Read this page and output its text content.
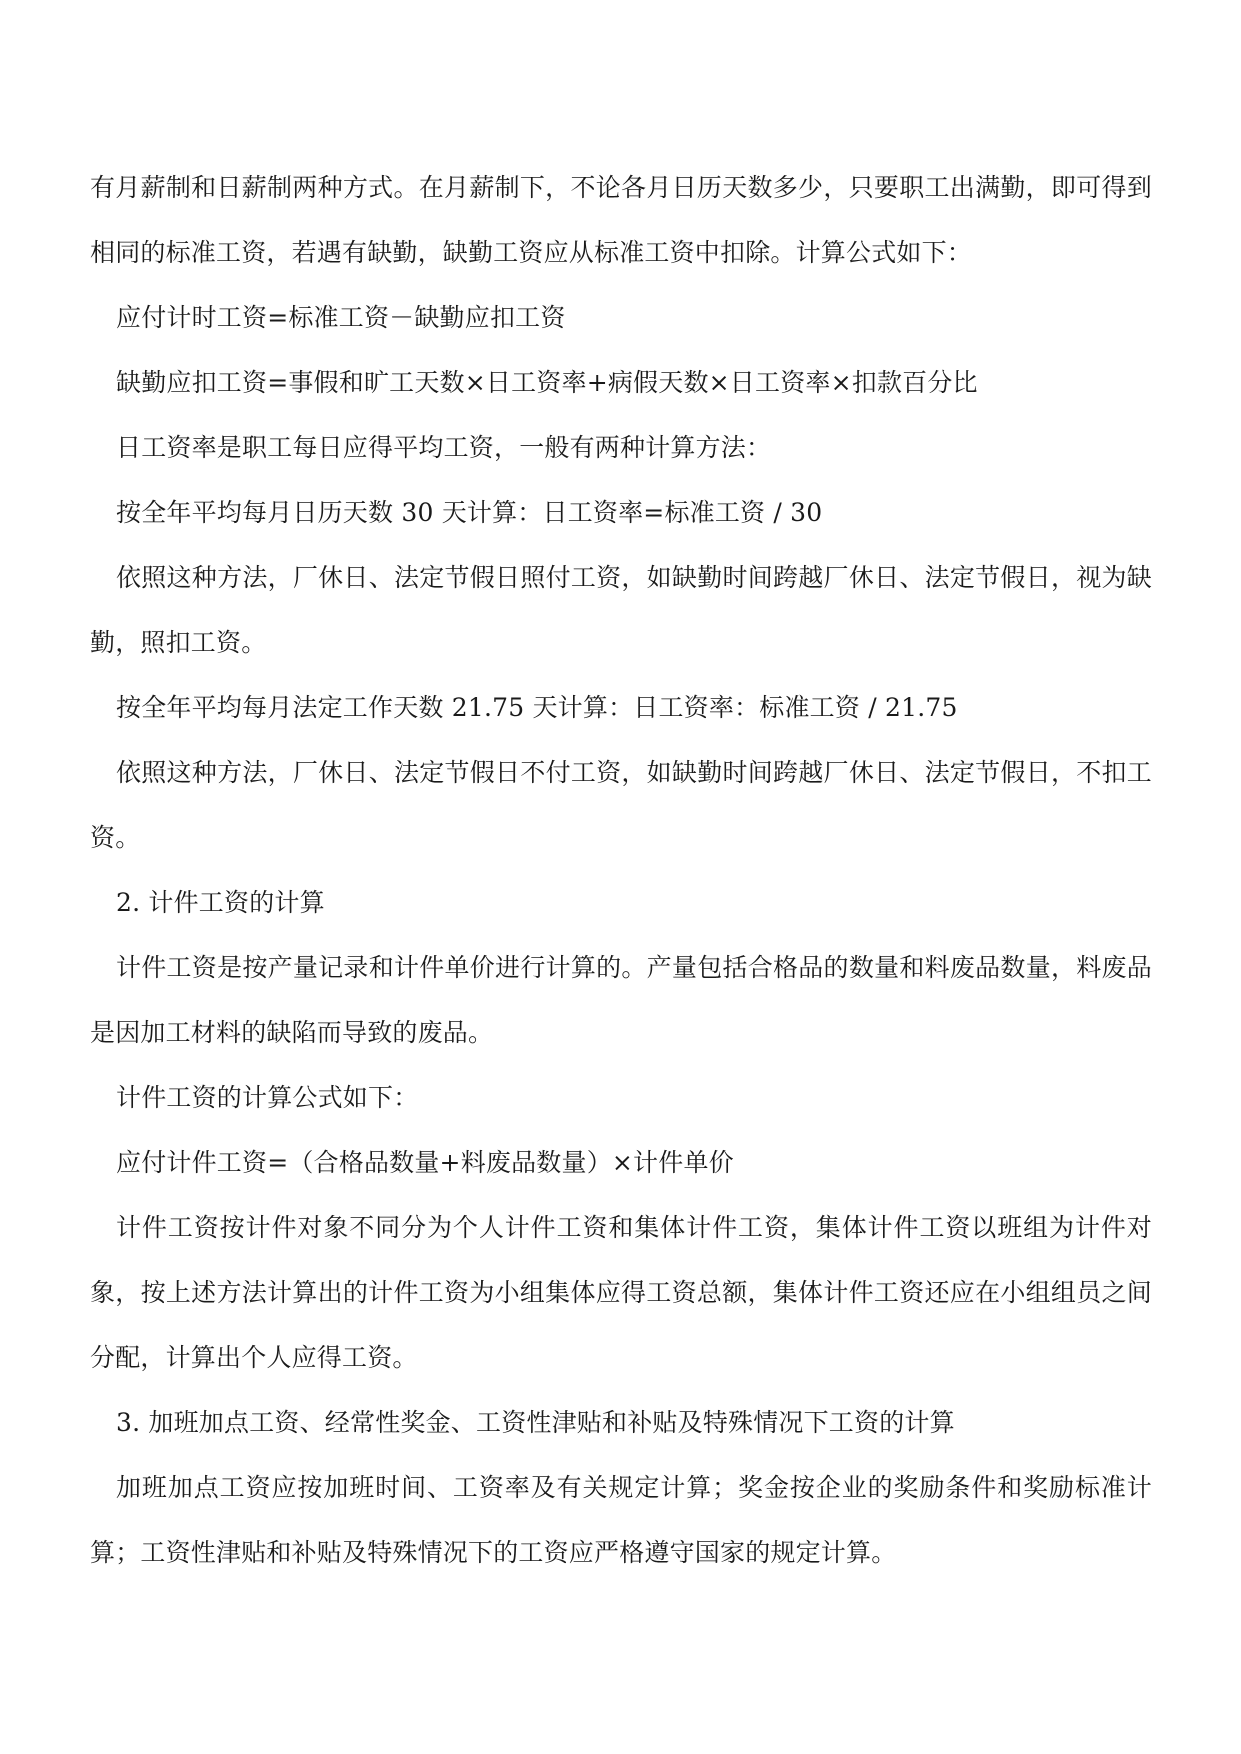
有月薪制和日薪制两种方式。在月薪制下，不论各月日历天数多少，只要职工出满勤，即可得到相同的标准工资，若遇有缺勤，缺勤工资应从标准工资中扣除。计算公式如下：

应付计时工资=标准工资－缺勤应扣工资

缺勤应扣工资=事假和旷工天数×日工资率+病假天数×日工资率×扣款百分比

日工资率是职工每日应得平均工资，一般有两种计算方法：

按全年平均每月日历天数 30 天计算：日工资率=标准工资 / 30

依照这种方法，厂休日、法定节假日照付工资，如缺勤时间跨越厂休日、法定节假日，视为缺勤，照扣工资。

按全年平均每月法定工作天数 21.75 天计算：日工资率：标准工资 / 21.75

依照这种方法，厂休日、法定节假日不付工资，如缺勤时间跨越厂休日、法定节假日，不扣工资。

2. 计件工资的计算

计件工资是按产量记录和计件单价进行计算的。产量包括合格品的数量和料废品数量，料废品是因加工材料的缺陷而导致的废品。

计件工资的计算公式如下：

应付计件工资=（合格品数量+料废品数量）×计件单价

计件工资按计件对象不同分为个人计件工资和集体计件工资，集体计件工资以班组为计件对象，按上述方法计算出的计件工资为小组集体应得工资总额，集体计件工资还应在小组组员之间分配，计算出个人应得工资。

3. 加班加点工资、经常性奖金、工资性津贴和补贴及特殊情况下工资的计算

加班加点工资应按加班时间、工资率及有关规定计算；奖金按企业的奖励条件和奖励标准计算；工资性津贴和补贴及特殊情况下的工资应严格遵守国家的规定计算。
